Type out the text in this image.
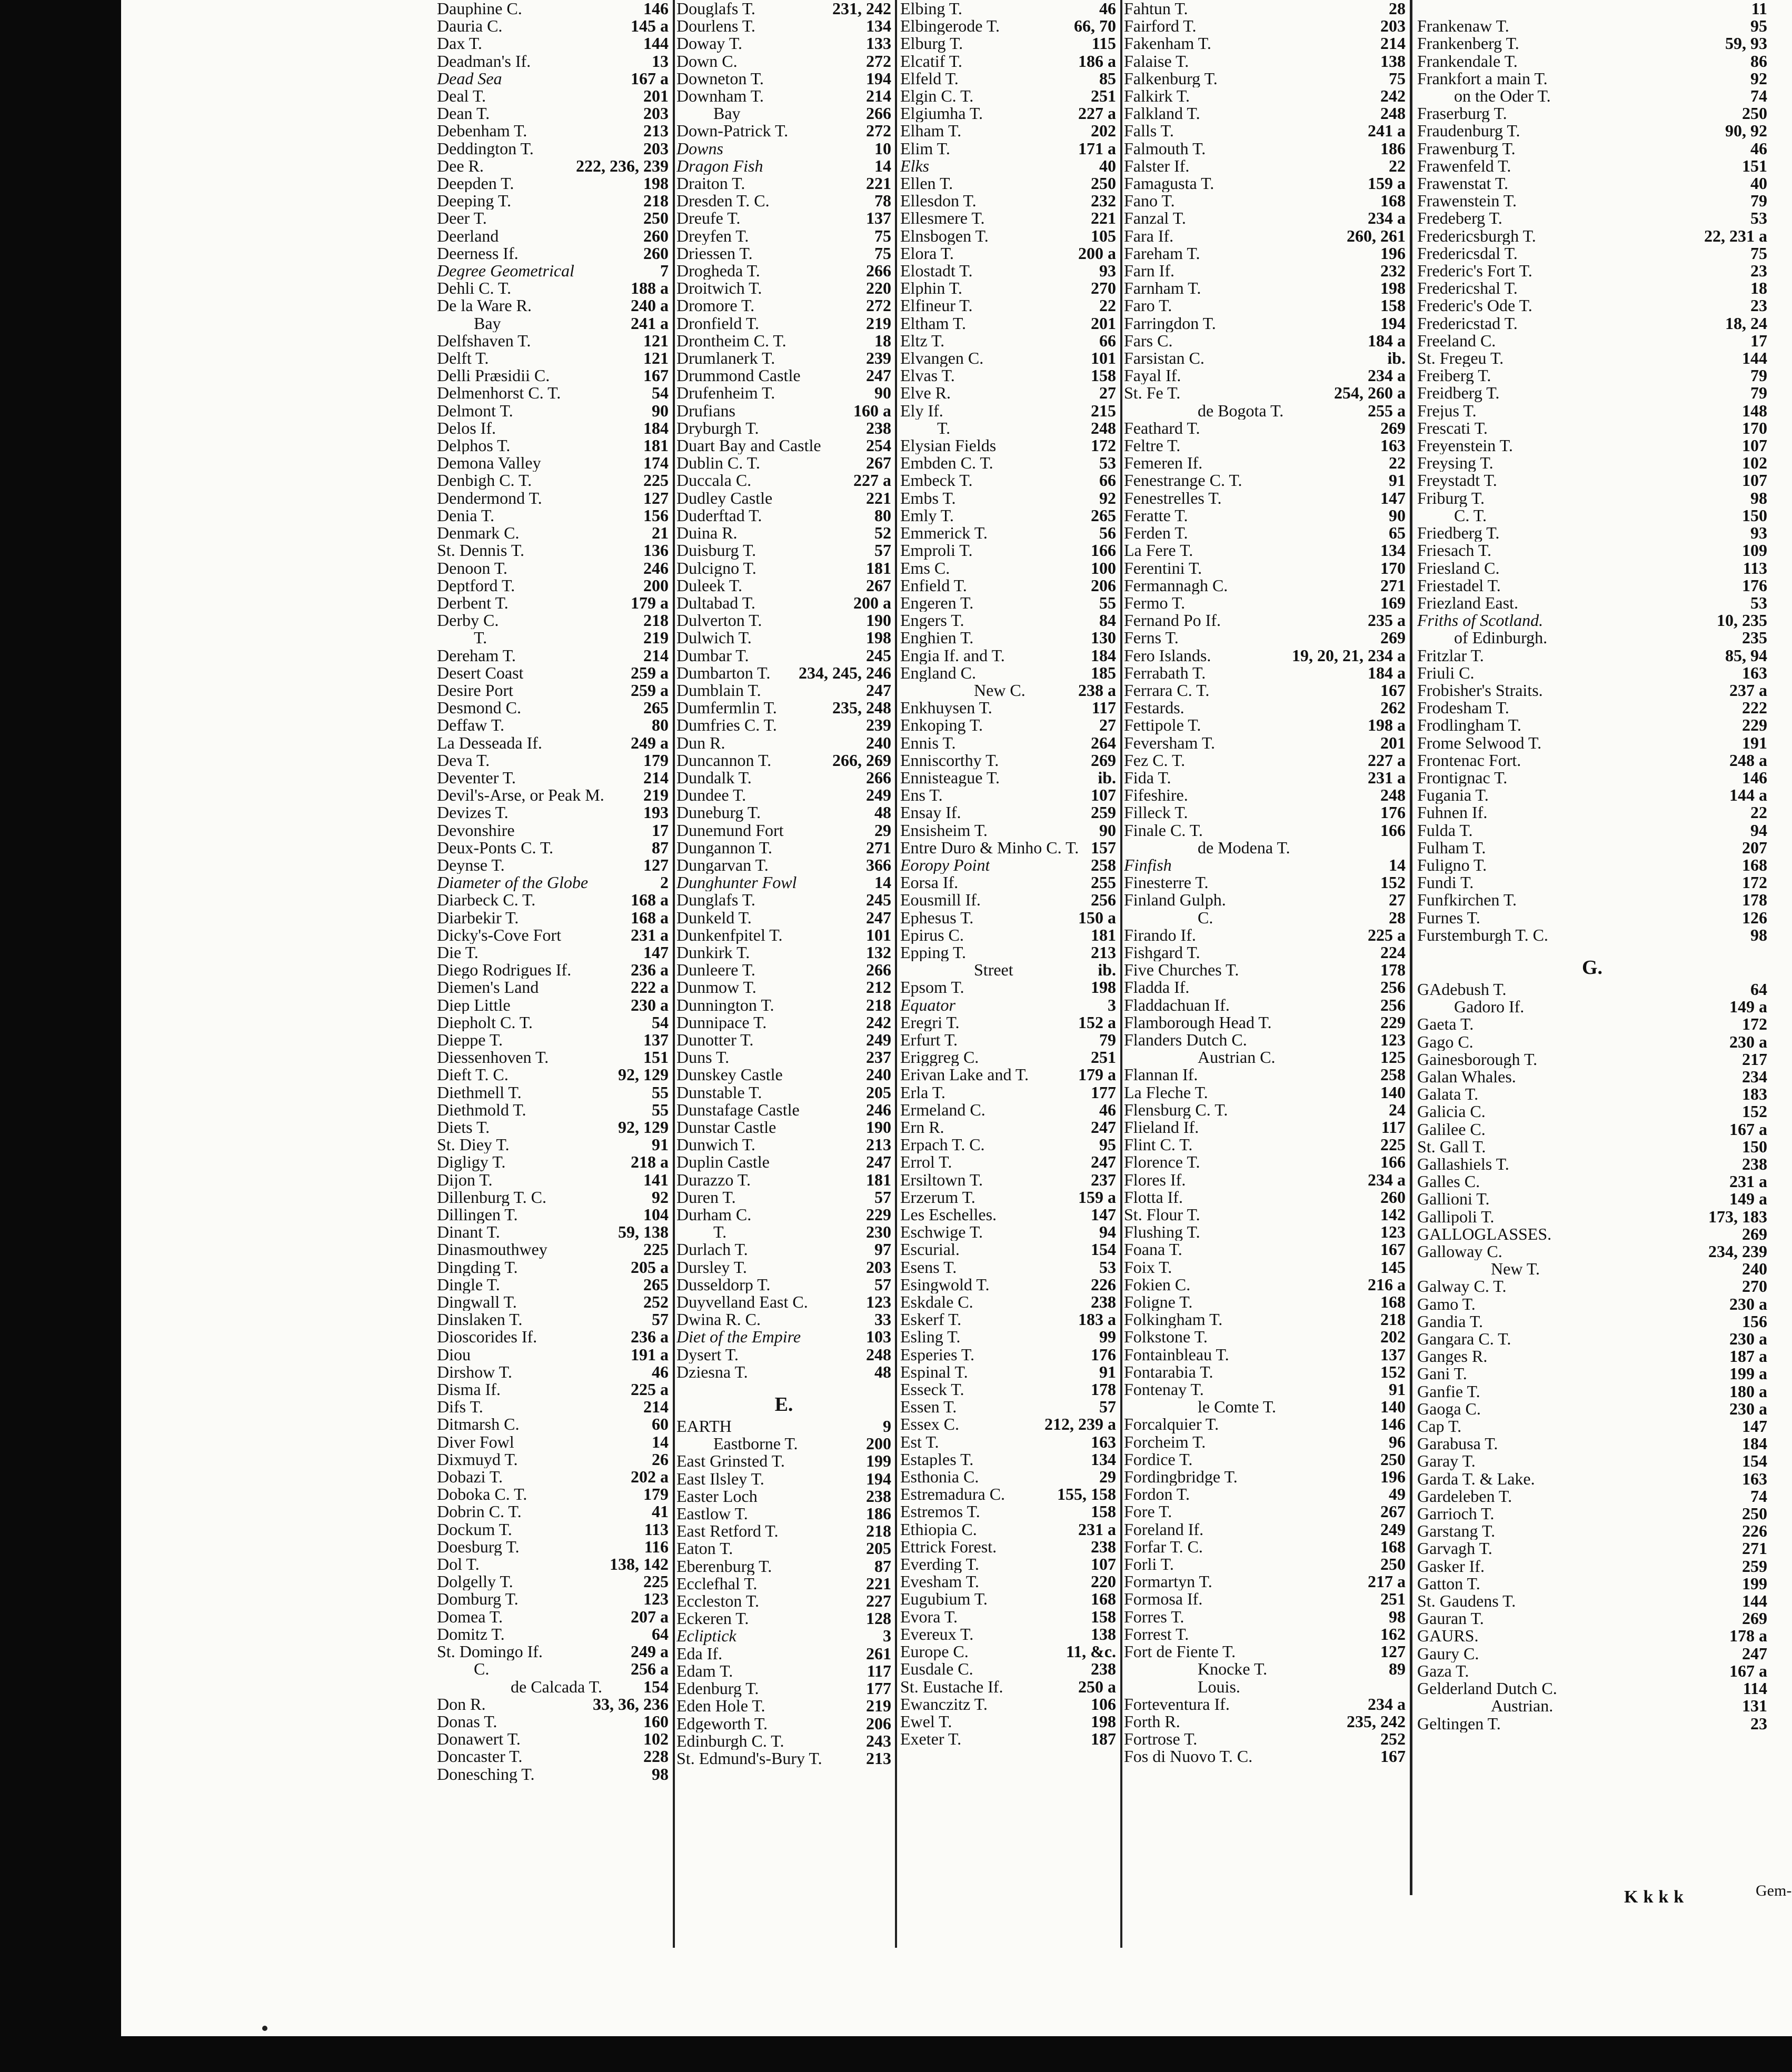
Dauphine C.	146
Dauria C.	145 a
Dax T.	144
Deadman's If.	13
Dead Sea	167 a
Deal T.	201
Dean T.	203
Debenham T.	213
Deddington T.	203
Dee R.	222, 236, 239
Deepden T.	198
Deeping T.	218
Deer T.	250
Deerland	260
Deerness If.	260
Degree Geometrical	7
Dehli C. T.	188 a
De la Ware R.	240 a
Bay	241 a
Delfshaven T.	121
Delft T.	121
Delli Præsidii C.	167
Delmenhorst C. T.	54
Delmont T.	90
Delos If.	184
Delphos T.	181
Demona Valley	174
Denbigh C. T.	225
Dendermond T.	127
Denia T.	156
Denmark C.	21
St. Dennis T.	136
Denoon T.	246
Deptford T.	200
Derbent T.	179 a
Derby C.	218
T.	219
Dereham T.	214
Desert Coast	259 a
Desire Port	259 a
Desmond C.	265
Deffaw T.	80
La Desseada If.	249 a
Deva T.	179
Deventer T.	214
Devil's-Arse, or Peak M.	219
Devizes T.	193
Devonshire	17
Deux-Ponts C. T.	87
Deynse T.	127
Diameter of the Globe	2
Diarbeck C. T.	168 a
Diarbekir T.	168 a
Dicky's-Cove Fort	231 a
Die T.	147
Diego Rodrigues If.	236 a
Diemen's Land	222 a
Diep Little	230 a
Diepholt C. T.	54
Dieppe T.	137
Diessenhoven T.	151
Dieft T. C.	92, 129
Diethmell T.	55
Diethmold T.	55
Diets T.	92, 129
St. Diey T.	91
Digligy T.	218 a
Dijon T.	141
Dillenburg T. C.	92
Dillingen T.	104
Dinant T.	59, 138
Dinasmouthwey	225
Dingding T.	205 a
Dingle T.	265
Dingwall T.	252
Dinslaken T.	57
Dioscorides If.	236 a
Diou	191 a
Dirshow T.	46
Disma If.	225 a
Difs T.	214
Ditmarsh C.	60
Diver Fowl	14
Dixmuyd T.	26
Dobazi T.	202 a
Doboka C. T.	179
Dobrin C. T.	41
Dockum T.	113
Doesburg T.	116
Dol T.	138, 142
Dolgelly T.	225
Domburg T.	123
Domea T.	207 a
Domitz T.	64
St. Domingo If.	249 a
C.	256 a
de Calcada T.	154
Don R.	33, 36, 236
Donas T.	160
Donawert T.	102
Doncaster T.	228
Donesching T.	98
Douglafs T.	231, 242
Dourlens T.	134
Doway T.	133
Down C.	272
Downeton T.	194
Downham T.	214
Bay	266
Down-Patrick T.	272
Downs	10
Dragon Fish	14
Draiton T.	221
Dresden T. C.	78
Dreufe T.	137
Dreyfen T.	75
Driessen T.	75
Drogheda T.	266
Droitwich T.	220
Dromore T.	272
Dronfield T.	219
Drontheim C. T.	18
Drumlanerk T.	239
Drummond Castle	247
Drufenheim T.	90
Drufians	160 a
Dryburgh T.	238
Duart Bay and Castle	254
Dublin C. T.	267
Duccala C.	227 a
Dudley Castle	221
Duderftad T.	80
Duina R.	52
Duisburg T.	57
Dulcigno T.	181
Duleek T.	267
Dultabad T.	200 a
Dulverton T.	190
Dulwich T.	198
Dumbar T.	245
Dumbarton T.	234, 245, 246
Dumblain T.	247
Dumfermlin T.	235, 248
Dumfries C. T.	239
Dun R.	240
Duncannon T.	266, 269
Dundalk T.	266
Dundee T.	249
Duneburg T.	48
Dunemund Fort	29
Dungannon T.	271
Dungarvan T.	366
Dunghunter Fowl	14
Dunglafs T.	245
Dunkeld T.	247
Dunkenfpitel T.	101
Dunkirk T.	132
Dunleere T.	266
Dunmow T.	212
Dunnington T.	218
Dunnipace T.	242
Dunotter T.	249
Duns T.	237
Dunskey Castle	240
Dunstable T.	205
Dunstafage Castle	246
Dunstar Castle	190
Dunwich T.	213
Duplin Castle	247
Durazzo T.	181
Duren T.	57
Durham C.	229
T.	230
Durlach T.	97
Dursley T.	203
Dusseldorp T.	57
Duyvelland East C.	123
Dwina R. C.	33
Diet of the Empire	103
Dysert T.	248
Dziesna T.	48
E.
EARTH	9
Eastborne T.	200
East Grinsted T.	199
East Ilsley T.	194
Easter Loch	238
Eastlow T.	186
East Retford T.	218
Eaton T.	205
Eberenburg T.	87
Ecclefhal T.	221
Eccleston T.	227
Eckeren T.	128
Ecliptick	3
Eda If.	261
Edam T.	117
Edenburg T.	177
Eden Hole T.	219
Edgeworth T.	206
Edinburgh C. T.	243
St. Edmund's-Bury T.	213
Elbing T.	46
Elbingerode T.	66, 70
Elburg T.	115
Elcatif T.	186 a
Elfeld T.	85
Elgin C. T.	251
Elgiumha T.	227 a
Elham T.	202
Elim T.	171 a
Elks	40
Ellen T.	250
Ellesdon T.	232
Ellesmere T.	221
Elnsbogen T.	105
Elora T.	200 a
Elostadt T.	93
Elphin T.	270
Elfineur T.	22
Eltham T.	201
Eltz T.	66
Elvangen C.	101
Elvas T.	158
Elve R.	27
Ely If.	215
T.	248
Elysian Fields	172
Embden C. T.	53
Embeck T.	66
Embs T.	92
Emly T.	265
Emmerick T.	56
Emproli T.	166
Ems C.	100
Enfield T.	206
Engeren T.	55
Engers T.	84
Enghien T.	130
Engia If. and T.	184
England C.	185
New C.	238 a
Enkhuysen T.	117
Enkoping T.	27
Ennis T.	264
Enniscorthy T.	269
Ennisteague T.	ib.
Ens T.	107
Ensay If.	259
Ensisheim T.	90
Entre Duro & Minho C. T. 157
Eoropy Point	258
Eorsa If.	255
Eousmill If.	256
Ephesus T.	150 a
Epirus C.	181
Epping T.	213
Street	ib.
Epsom T.	198
Equator	3
Eregri T.	152 a
Erfurt T.	79
Eriggreg C.	251
Erivan Lake and T.	179 a
Erla T.	177
Ermeland C.	46
Ern R.	247
Erpach T. C.	95
Errol T.	247
Ersiltown T.	237
Erzerum T.	159 a
Les Eschelles.	147
Eschwige T.	94
Escurial.	154
Esens T.	53
Esingwold T.	226
Eskdale C.	238
Eskerf T.	183 a
Esling T.	99
Esperies T.	176
Espinal T.	91
Esseck T.	178
Essen T.	57
Essex C.	212, 239 a
Est T.	163
Estaples T.	134
Esthonia C.	29
Estremadura C.	155, 158
Estremos T.	158
Ethiopia C.	231 a
Ettrick Forest.	238
Everding T.	107
Evesham T.	220
Eugubium T.	168
Evora T.	158
Evereux T.	138
Europe C.	11, &c.
Eusdale C.	238
St. Eustache If.	250 a
Ewanczitz T.	106
Ewel T.	198
Exeter T.	187
Fahtun T.	28
Fairford T.	203
Fakenham T.	214
Falaise T.	138
Falkenburg T.	75
Falkirk T.	242
Falkland T.	248
Falls T.	241 a
Falmouth T.	186
Falster If.	22
Famagusta T.	159 a
Fano T.	168
Fanzal T.	234 a
Fara If.	260, 261
Fareham T.	196
Farn If.	232
Farnham T.	198
Faro T.	158
Farringdon T.	194
Fars C.	184 a
Farsistan C.	ib.
Fayal If.	234 a
St. Fe T.	254, 260 a
de Bogota T.	255 a
Feathard T.	269
Feltre T.	163
Femeren If.	22
Fenestrange C. T.	91
Fenestrelles T.	147
Feratte T.	90
Ferden T.	65
La Fere T.	134
Ferentini T.	170
Fermannagh C.	271
Fermo T.	169
Fernand Po If.	235 a
Ferns T.	269
Fero Islands.	19, 20, 21, 234 a
Ferrabath T.	184 a
Ferrara C. T.	167
Festards.	262
Fettipole T.	198 a
Feversham T.	201
Fez C. T.	227 a
Fida T.	231 a
Fifeshire.	248
Filleck T.	176
Finale C. T.	166
de Modena T.
Finfish	14
Finesterre T.	152
Finland Gulph.	27
C.	28
Firando If.	225 a
Fishgard T.	224
Five Churches T.	178
Fladda If.	256
Fladdachuan If.	256
Flamborough Head T.	229
Flanders Dutch C.	123
Austrian C.	125
Flannan If.	258
La Fleche T.	140
Flensburg C. T.	24
Flieland If.	117
Flint C. T.	225
Florence T.	166
Flores If.	234 a
Flotta If.	260
St. Flour T.	142
Flushing T.	123
Foana T.	167
Foix T.	145
Fokien C.	216 a
Foligne T.	168
Folkingham T.	218
Folkstone T.	202
Fontainbleau T.	137
Fontarabia T.	152
Fontenay T.	91
le Comte T.	140
Forcalquier T.	146
Forcheim T.	96
Fordice T.	250
Fordingbridge T.	196
Fordon T.	49
Fore T.	267
Foreland If.	249
Forfar T. C.	168
Forli T.	250
Formartyn T.	217 a
Formosa If.	251
Forres T.	98
Forrest T.	162
Fort de Fiente T.	127
Knocke T.	89
Louis.
Forteventura If.	234 a
Forth R.	235, 242
Fortrose T.	252
Fos di Nuovo T. C.	167
11
Frankenaw T.	95
Frankenberg T.	59, 93
Frankendale T.	86
Frankfort a main T.	92
on the Oder T.	74
Fraserburg T.	250
Fraudenburg T.	90, 92
Frawenburg T.	46
Frawenfeld T.	151
Frawenstat T.	40
Frawenstein T.	79
Fredeberg T.	53
Fredericsburgh T.	22, 231 a
Fredericsdal T.	75
Frederic's Fort T.	23
Fredericshal T.	18
Frederic's Ode T.	23
Fredericstad T.	18, 24
Freeland C.	17
St. Fregeu T.	144
Freiberg T.	79
Freidberg T.	79
Frejus T.	148
Frescati T.	170
Freyenstein T.	107
Freysing T.	102
Freystadt T.	107
Friburg T.	98
C. T.	150
Friedberg T.	93
Friesach T.	109
Friesland C.	113
Friestadel T.	176
Friezland East.	53
Friths of Scotland.	10, 235
of Edinburgh.	235
Fritzlar T.	85, 94
Friuli C.	163
Frobisher's Straits.	237 a
Frodesham T.	222
Frodlingham T.	229
Frome Selwood T.	191
Frontenac Fort.	248 a
Frontignac T.	146
Fugania T.	144 a
Fuhnen If.	22
Fulda T.	94
Fulham T.	207
Fuligno T.	168
Fundi T.	172
Funfkirchen T.	178
Furnes T.	126
Furstemburgh T. C.	98
G.
GAdebush T.	64
Gadoro If.	149 a
Gaeta T.	172
Gago C.	230 a
Gainesborough T.	217
Galan Whales.	234
Galata T.	183
Galicia C.	152
Galilee C.	167 a
St. Gall T.	150
Gallashiels T.	238
Galles C.	231 a
Gallioni T.	149 a
Gallipoli T.	173, 183
GALLOGLASSES.	269
Galloway C.	234, 239
New T.	240
Galway C. T.	270
Gamo T.	230 a
Gandia T.	156
Gangara C. T.	230 a
Ganges R.	187 a
Gani T.	199 a
Ganfie T.	180 a
Gaoga C.	230 a
Cap T.	147
Garabusa T.	184
Garay T.	154
Garda T. & Lake.	163
Gardeleben T.	74
Garrioch T.	250
Garstang T.	226
Garvagh T.	271
Gasker If.	259
Gatton T.	199
St. Gaudens T.	144
Gauran T.	269
GAURS.	178 a
Gaury C.	247
Gaza T.	167 a
Gelderland Dutch C.	114
Austrian.	131
Geltingen T.	23
Kkkk	Gem-
